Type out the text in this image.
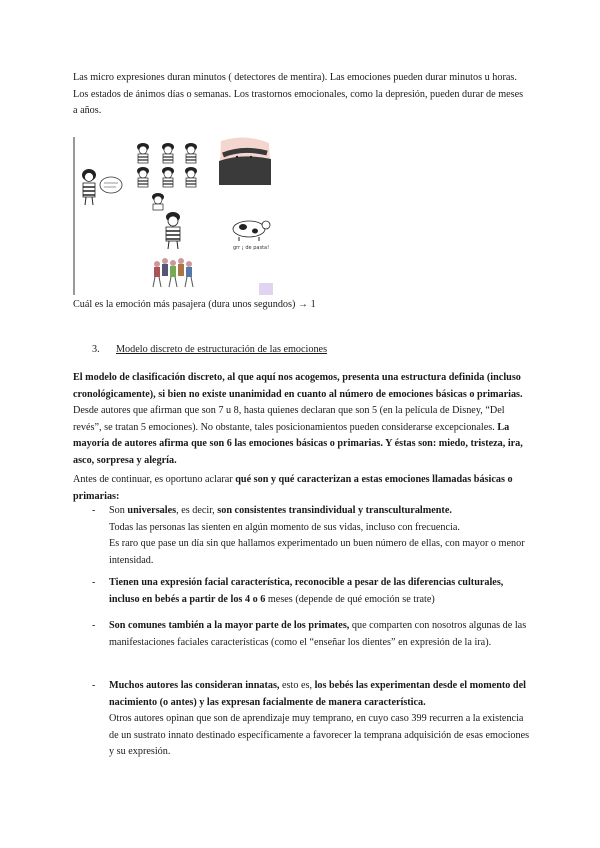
Las micro expresiones duran minutos ( detectores de mentira). Las emociones pueden durar minutos u horas. Los estados de ánimos días o semanas. Los trastornos emocionales, como la depresión, pueden durar de meses a años.

grr ¡ de pasta!

Cuál es la emoción más pasajera (dura unos segundos) → 1

3. Modelo discreto de estructuración de las emociones

El modelo de clasificación discreto, al que aquí nos acogemos, presenta una estructura definida (incluso cronológicamente), si bien no existe unanimidad en cuanto al número de emociones básicas o primarias. Desde autores que afirman que son 7 u 8, hasta quienes declaran que son 5 (en la película de Disney, “Del revés”, se tratan 5 emociones). No obstante, tales posicionamientos pueden considerarse excepcionales. La mayoría de autores afirma que son 6 las emociones básicas o primarias. Y éstas son: miedo, tristeza, ira, asco, sorpresa y alegría.

Antes de continuar, es oportuno aclarar qué son y qué caracterizan a estas emociones llamadas básicas o primarias:

- Son universales, es decir, son consistentes transindividual y transculturalmente.
Todas las personas las sienten en algún momento de sus vidas, incluso con frecuencia.
Es raro que pase un día sin que hallamos experimentado un buen número de ellas, con mayor o menor intensidad.
- Tienen una expresión facial característica, reconocible a pesar de las diferencias culturales, incluso en bebés a partir de los 4 o 6 meses (depende de qué emoción se trate)
- Son comunes también a la mayor parte de los primates, que comparten con nosotros algunas de las manifestaciones faciales características (como el “enseñar los dientes” en expresión de la ira).
- Muchos autores las consideran innatas, esto es, los bebés las experimentan desde el momento del nacimiento (o antes) y las expresan facialmente de manera característica.
Otros autores opinan que son de aprendizaje muy temprano, en cuyo caso 399 recurren a la existencia de un sustrato innato destinado específicamente a favorecer la temprana adquisición de esas emociones y su expresión.
